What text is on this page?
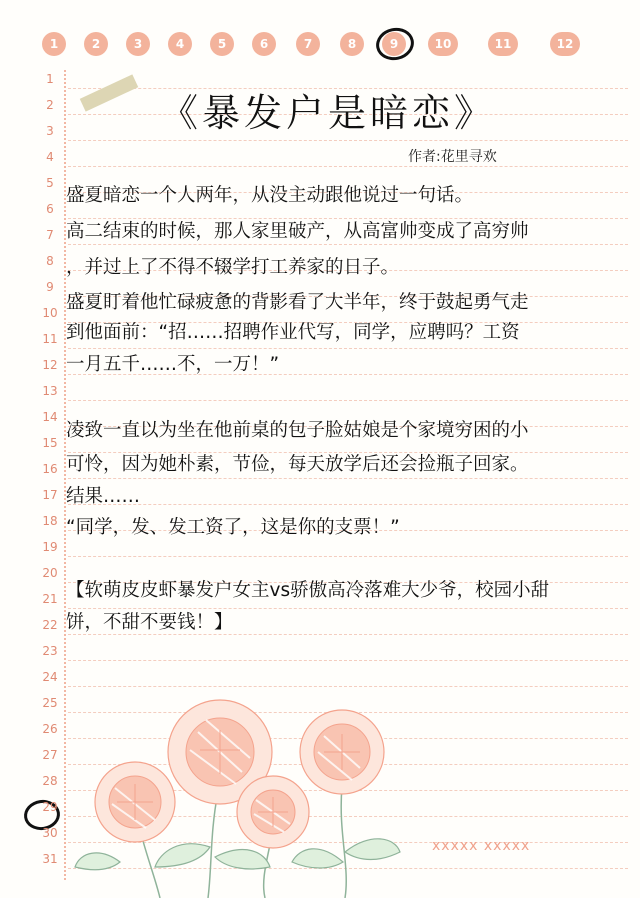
1	2	3	4	5	6	7	8	9	10	11	12
1
2
3
4
5
6
7
8
9
10
11
12
13
14
15
16
17
18
19
20
21
22
23
24
25
26
27
28
29
30
31
《暴发户是暗恋》
作者:花里寻欢
盛夏暗恋一个人两年，从没主动跟他说过一句话。
高二结束的时候，那人家里破产，从高富帅变成了高穷帅
，并过上了不得不辍学打工养家的日子。
盛夏盯着他忙碌疲惫的背影看了大半年，终于鼓起勇气走
到他面前：“招……招聘作业代写，同学，应聘吗？工资
一月五千……不，一万！”
凌致一直以为坐在他前桌的包子脸姑娘是个家境穷困的小
可怜，因为她朴素，节俭，每天放学后还会捡瓶子回家。
结果……
“同学，发、发工资了，这是你的支票！”
【软萌皮皮虾暴发户女主vs骄傲高冷落难大少爷，校园小甜
饼，不甜不要钱！】
xxxxx xxxxx
